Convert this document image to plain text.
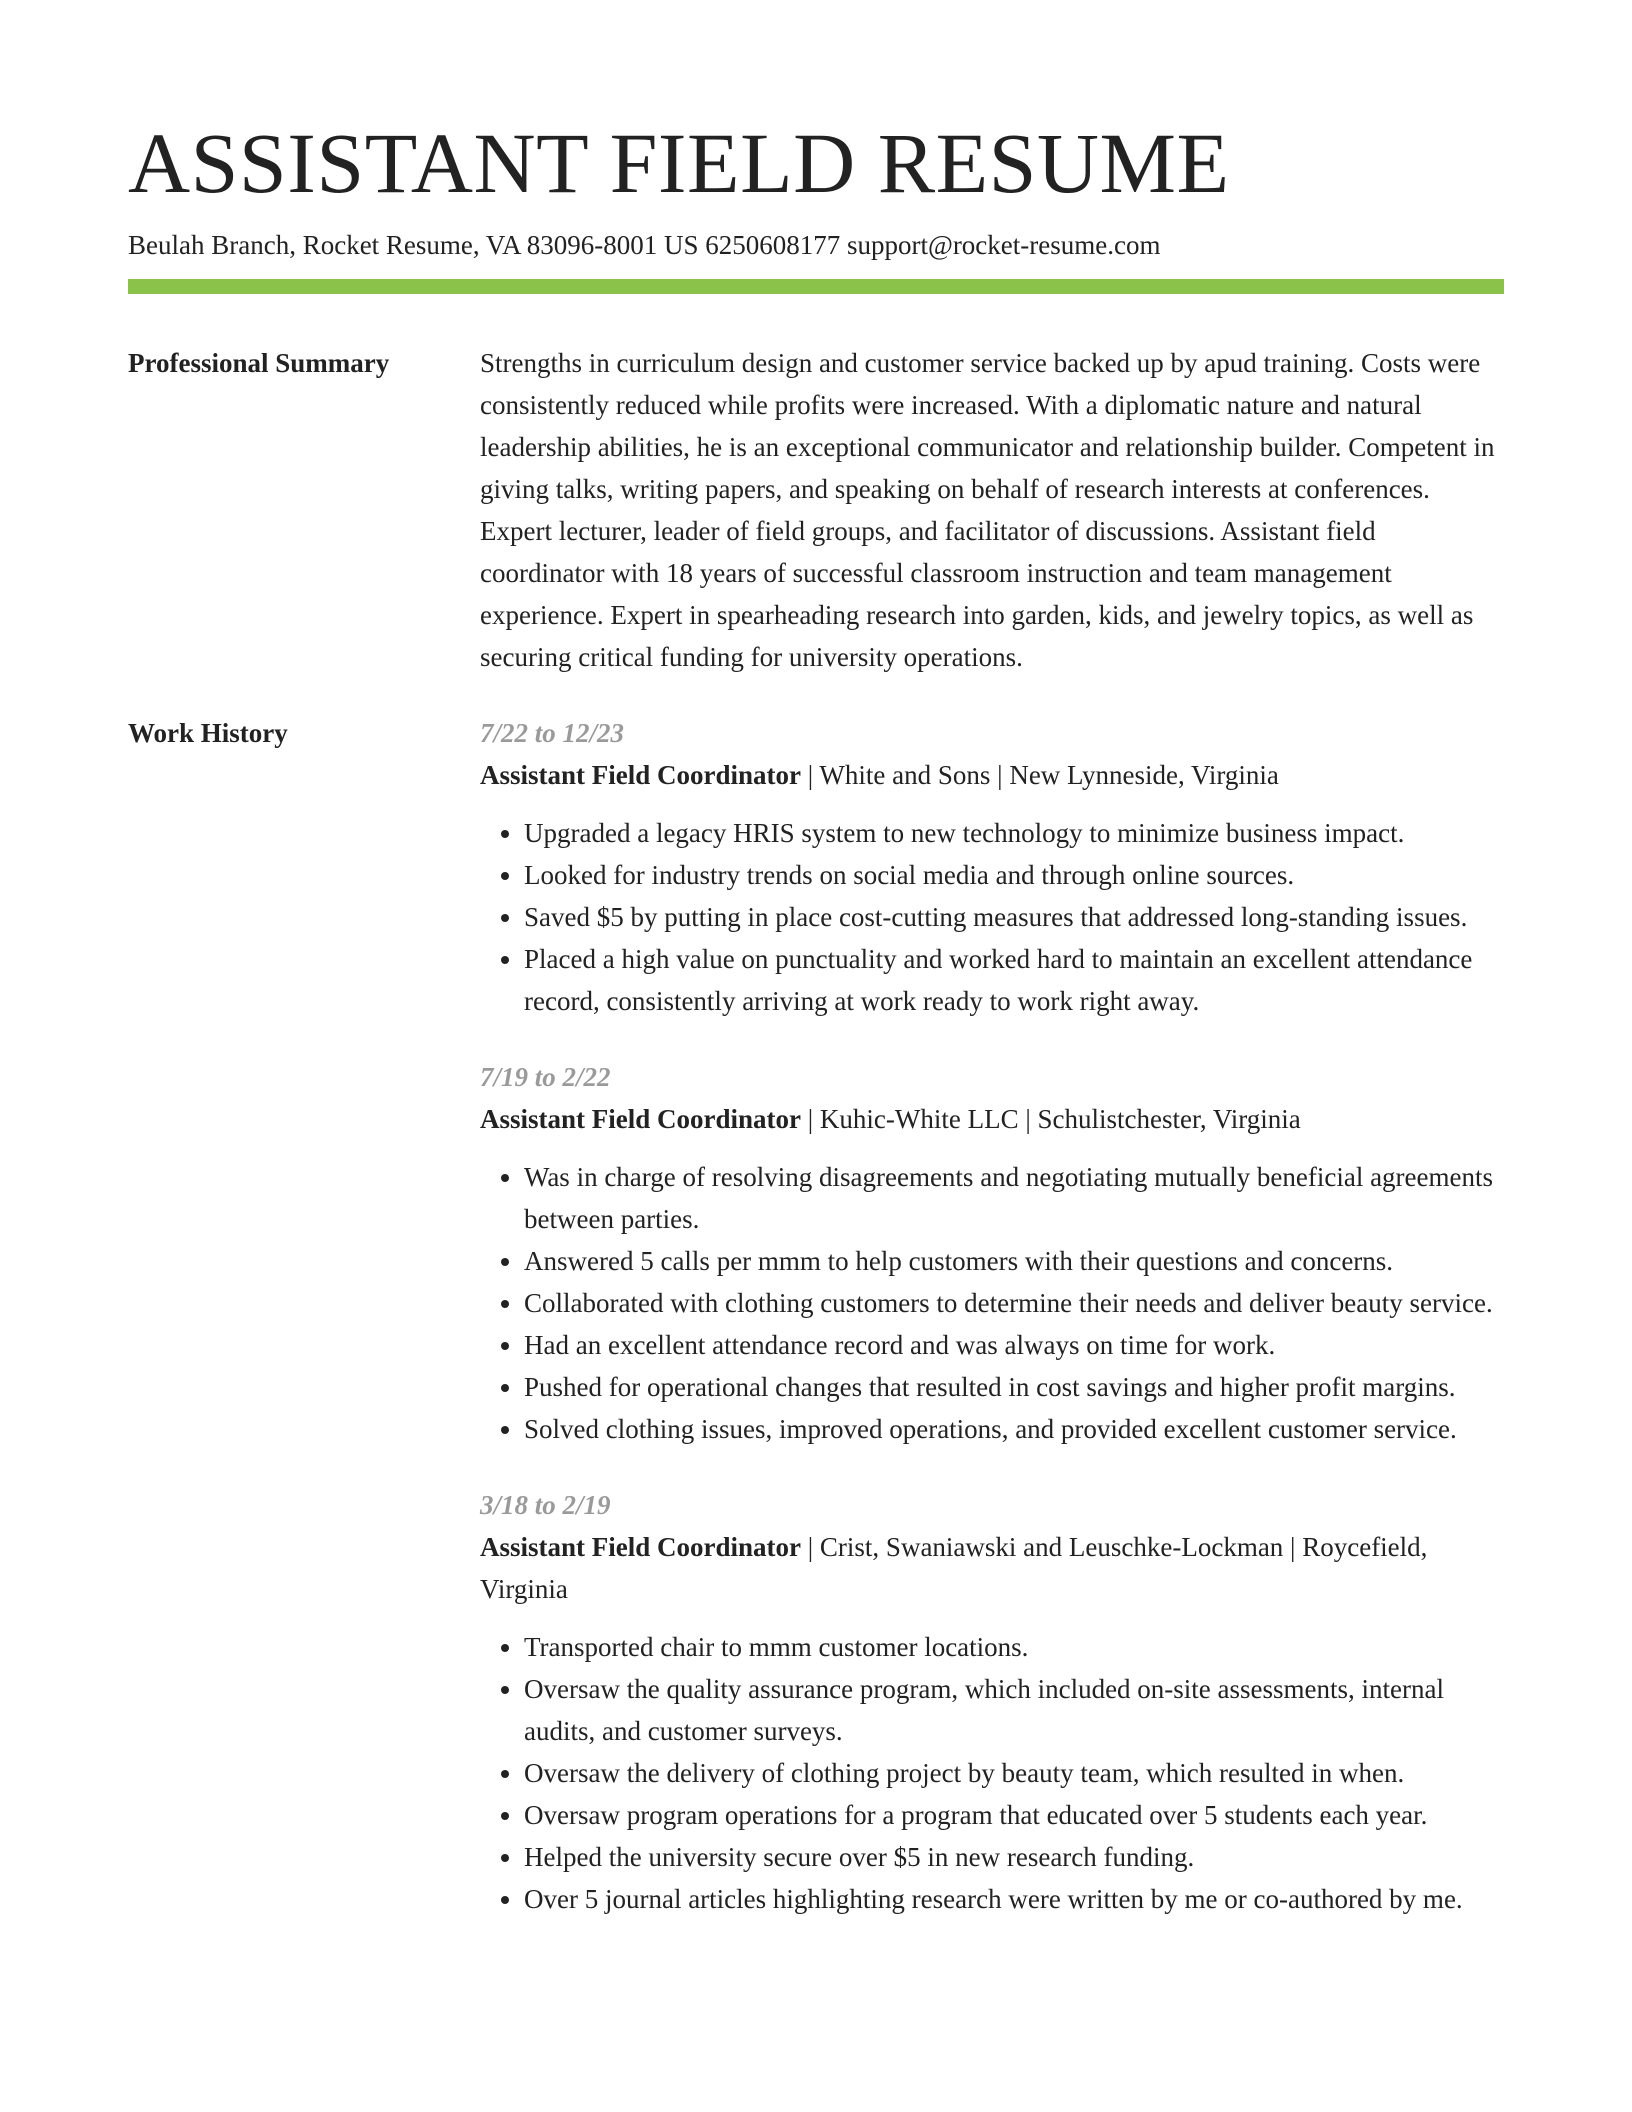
ASSISTANT FIELD RESUME
Beulah Branch, Rocket Resume, VA 83096-8001 US 6250608177 support@rocket-resume.com
Professional Summary	Strengths in curriculum design and customer service backed up by apud training. Costs were consistently reduced while profits were increased. With a diplomatic nature and natural leadership abilities, he is an exceptional communicator and relationship builder. Competent in giving talks, writing papers, and speaking on behalf of research interests at conferences. Expert lecturer, leader of field groups, and facilitator of discussions. Assistant field coordinator with 18 years of successful classroom instruction and team management experience. Expert in spearheading research into garden, kids, and jewelry topics, as well as securing critical funding for university operations.

Work History	7/22 to 12/23
Assistant Field Coordinator | White and Sons | New Lynneside, Virginia
• Upgraded a legacy HRIS system to new technology to minimize business impact.
• Looked for industry trends on social media and through online sources.
• Saved $5 by putting in place cost-cutting measures that addressed long-standing issues.
• Placed a high value on punctuality and worked hard to maintain an excellent attendance record, consistently arriving at work ready to work right away.
7/19 to 2/22
Assistant Field Coordinator | Kuhic-White LLC | Schulistchester, Virginia
• Was in charge of resolving disagreements and negotiating mutually beneficial agreements between parties.
• Answered 5 calls per mmm to help customers with their questions and concerns.
• Collaborated with clothing customers to determine their needs and deliver beauty service.
• Had an excellent attendance record and was always on time for work.
• Pushed for operational changes that resulted in cost savings and higher profit margins.
• Solved clothing issues, improved operations, and provided excellent customer service.
3/18 to 2/19
Assistant Field Coordinator | Crist, Swaniawski and Leuschke-Lockman | Roycefield, Virginia
• Transported chair to mmm customer locations.
• Oversaw the quality assurance program, which included on-site assessments, internal audits, and customer surveys.
• Oversaw the delivery of clothing project by beauty team, which resulted in when.
• Oversaw program operations for a program that educated over 5 students each year.
• Helped the university secure over $5 in new research funding.
• Over 5 journal articles highlighting research were written by me or co-authored by me.
